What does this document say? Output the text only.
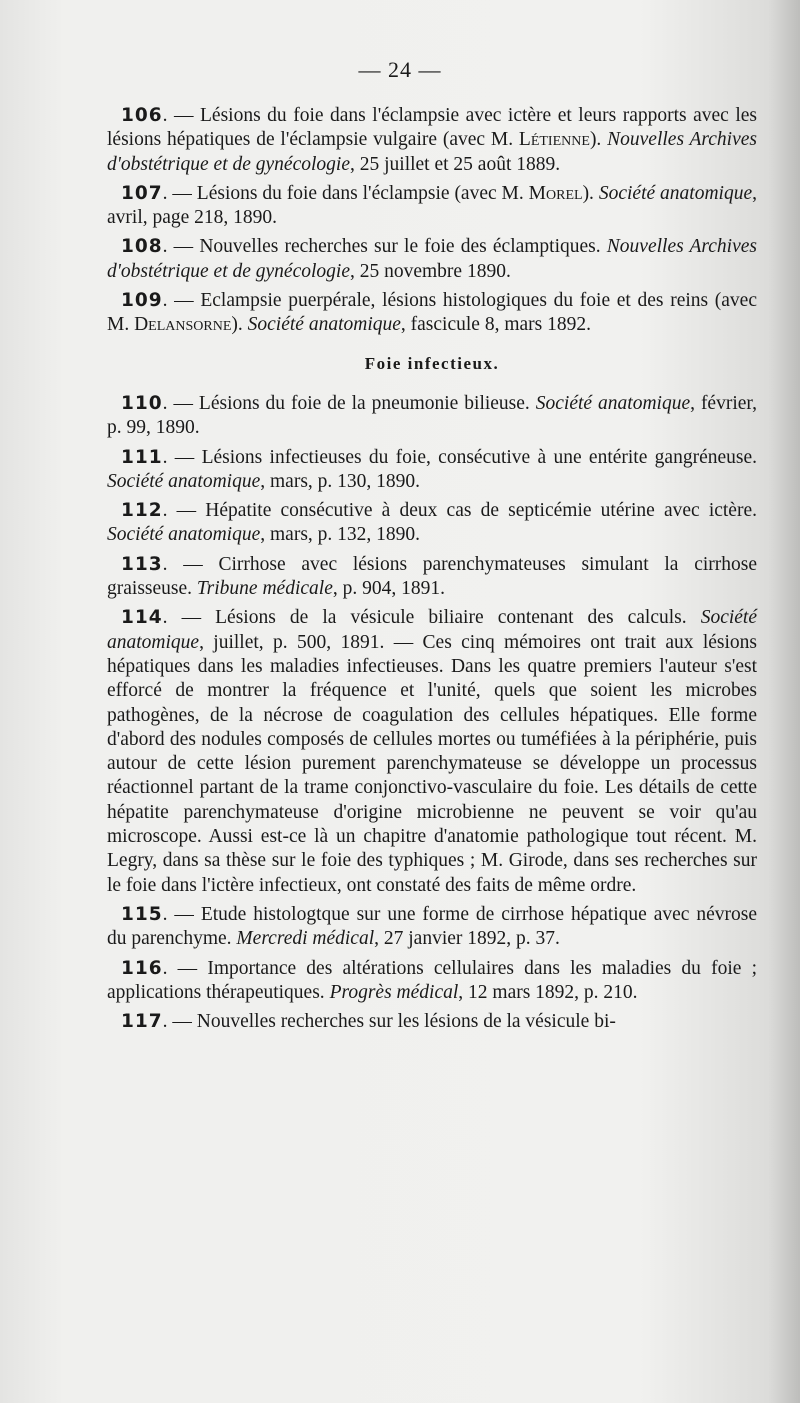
— 24 —

106. — Lésions du foie dans l'éclampsie avec ictère et leurs rapports avec les lésions hépatiques de l'éclampsie vulgaire (avec M. Létienne). Nouvelles Archives d'obstétrique et de gynécologie, 25 juillet et 25 août 1889.

107. — Lésions du foie dans l'éclampsie (avec M. Morel). Société anatomique, avril, page 218, 1890.

108. — Nouvelles recherches sur le foie des éclamptiques. Nouvelles Archives d'obstétrique et de gynécologie, 25 novembre 1890.

109. — Eclampsie puerpérale, lésions histologiques du foie et des reins (avec M. Delansorne). Société anatomique, fascicule 8, mars 1892.

Foie infectieux.

110. — Lésions du foie de la pneumonie bilieuse. Société anatomique, février, p. 99, 1890.

111. — Lésions infectieuses du foie, consécutive à une entérite gangréneuse. Société anatomique, mars, p. 130, 1890.

112. — Hépatite consécutive à deux cas de septicémie utérine avec ictère. Société anatomique, mars, p. 132, 1890.

113. — Cirrhose avec lésions parenchymateuses simulant la cirrhose graisseuse. Tribune médicale, p. 904, 1891.

114. — Lésions de la vésicule biliaire contenant des calculs. Société anatomique, juillet, p. 500, 1891. — Ces cinq mémoires ont trait aux lésions hépatiques dans les maladies infectieuses. Dans les quatre premiers l'auteur s'est efforcé de montrer la fréquence et l'unité, quels que soient les microbes pathogènes, de la nécrose de coagulation des cellules hépatiques. Elle forme d'abord des nodules composés de cellules mortes ou tuméfiées à la périphérie, puis autour de cette lésion purement parenchymateuse se développe un processus réactionnel partant de la trame conjonctivo-vasculaire du foie. Les détails de cette hépatite parenchymateuse d'origine microbienne ne peuvent se voir qu'au microscope. Aussi est-ce là un chapitre d'anatomie pathologique tout récent. M. Legry, dans sa thèse sur le foie des typhiques ; M. Girode, dans ses recherches sur le foie dans l'ictère infectieux, ont constaté des faits de même ordre.

115. — Etude histologtque sur une forme de cirrhose hépatique avec névrose du parenchyme. Mercredi médical, 27 janvier 1892, p. 37.

116. — Importance des altérations cellulaires dans les maladies du foie ; applications thérapeutiques. Progrès médical, 12 mars 1892, p. 210.

117. — Nouvelles recherches sur les lésions de la vésicule bi-
